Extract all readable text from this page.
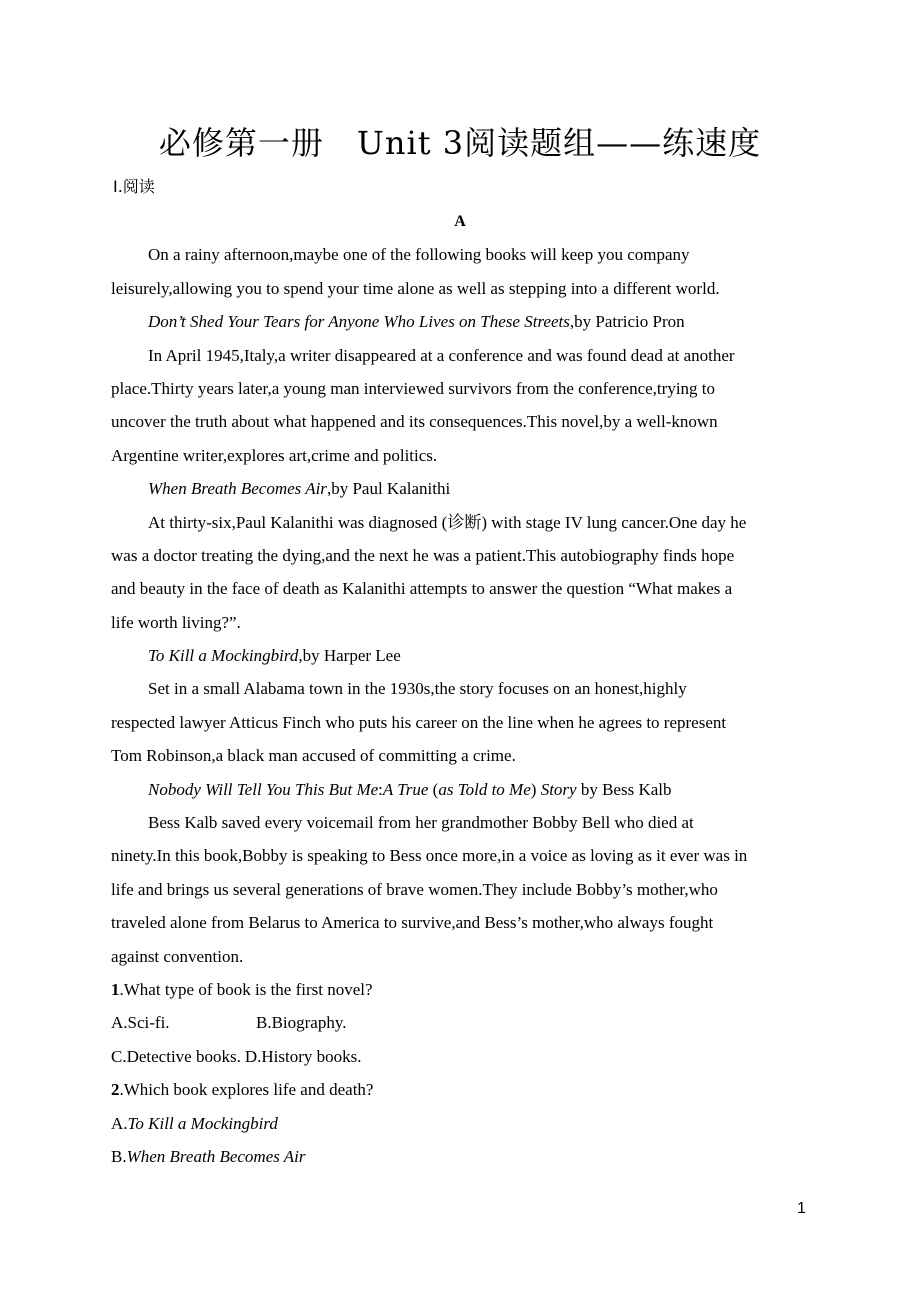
必修第一册　Unit 3阅读题组——练速度
Ⅰ.阅读
A
On a rainy afternoon,maybe one of the following books will keep you company
leisurely,allowing you to spend your time alone as well as stepping into a different world.
Don’t Shed Your Tears for Anyone Who Lives on These Streets,by Patricio Pron
In April 1945,Italy,a writer disappeared at a conference and was found dead at another
place.Thirty years later,a young man interviewed survivors from the conference,trying to
uncover the truth about what happened and its consequences.This novel,by a well-known
Argentine writer,explores art,crime and politics.
When Breath Becomes Air,by Paul Kalanithi
At thirty-six,Paul Kalanithi was diagnosed (诊断) with stage IV lung cancer.One day he
was a doctor treating the dying,and the next he was a patient.This autobiography finds hope
and beauty in the face of death as Kalanithi attempts to answer the question “What makes a
life worth living?”.
To Kill a Mockingbird,by Harper Lee
Set in a small Alabama town in the 1930s,the story focuses on an honest,highly
respected lawyer Atticus Finch who puts his career on the line when he agrees to represent
Tom Robinson,a black man accused of committing a crime.
Nobody Will Tell You This But Me:A True (as Told to Me) Story by Bess Kalb
Bess Kalb saved every voicemail from her grandmother Bobby Bell who died at
ninety.In this book,Bobby is speaking to Bess once more,in a voice as loving as it ever was in
life and brings us several generations of brave women.They include Bobby’s mother,who
traveled alone from Belarus to America to survive,and Bess’s mother,who always fought
against convention.
1.What type of book is the first novel?
A.Sci-fi.	B.Biography.
C.Detective books. D.History books.
2.Which book explores life and death?
A.To Kill a Mockingbird
B.When Breath Becomes Air
1
